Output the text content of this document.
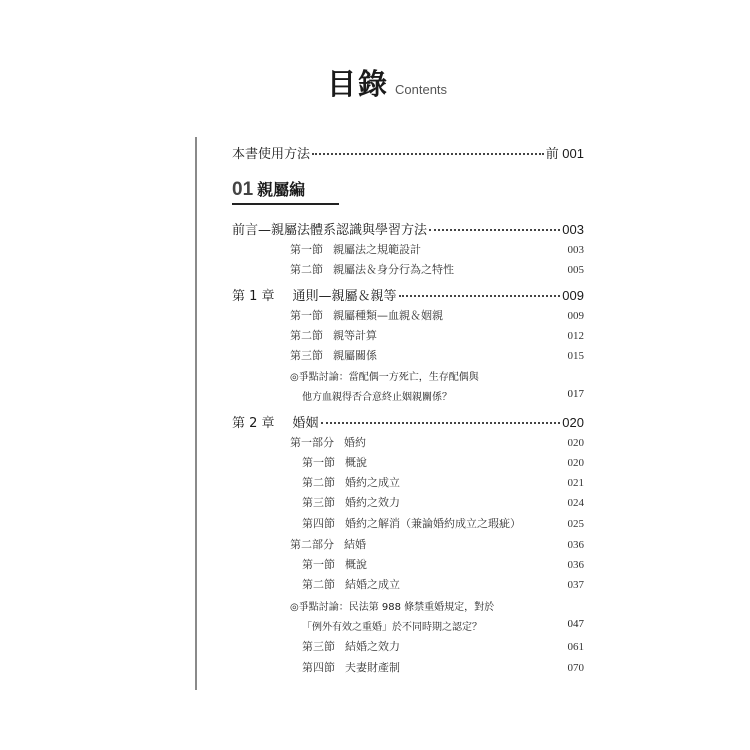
目錄 Contents
本書使用方法	前 001
01 親屬編
前言—親屬法體系認識與學習方法	003
第一節 親屬法之規範設計	003
第二節 親屬法＆身分行為之特性	005
第 1 章 通則—親屬＆親等	009
第一節 親屬種類—血親＆姻親	009
第二節 親等計算	012
第三節 親屬關係	015
◎爭點討論：當配偶一方死亡，生存配偶與
他方血親得否合意終止姻親關係？	017
第 2 章 婚姻	020
第一部分 婚約	020
第一節 概說	020
第二節 婚約之成立	021
第三節 婚約之效力	024
第四節 婚約之解消（兼論婚約成立之瑕疵）	025
第二部分 結婚	036
第一節 概說	036
第二節 結婚之成立	037
◎爭點討論：民法第 988 條禁重婚規定，對於
「例外有效之重婚」於不同時期之認定？	047
第三節 結婚之效力	061
第四節 夫妻財產制	070
